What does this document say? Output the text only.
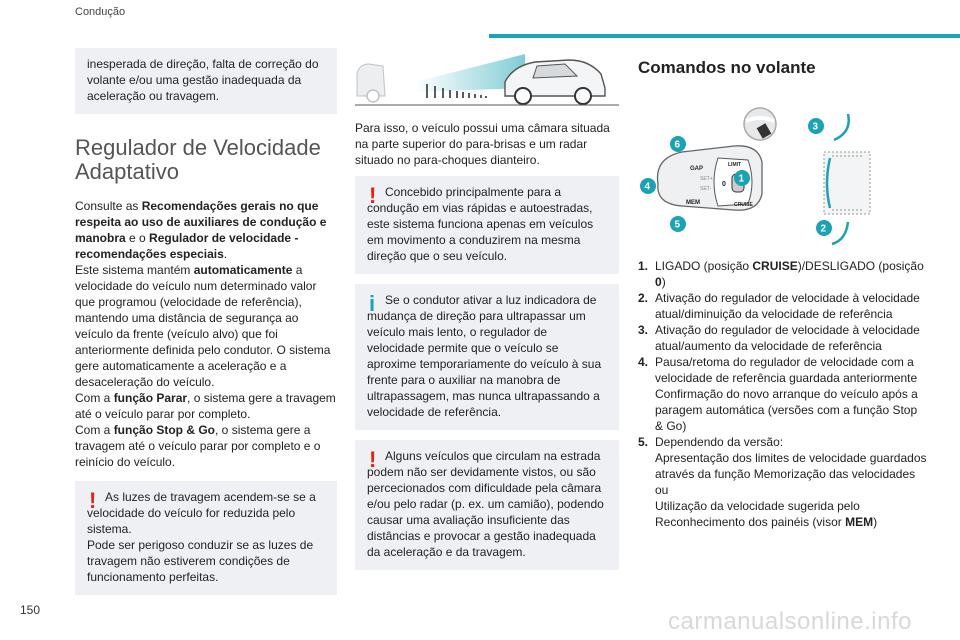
Condução
inesperada de direção, falta de correção do volante e/ou uma gestão inadequada da aceleração ou travagem.
Regulador de Velocidade Adaptativo
Consulte as Recomendações gerais no que respeita ao uso de auxiliares de condução e manobra e o Regulador de velocidade - recomendações especiais.
Este sistema mantém automaticamente a velocidade do veículo num determinado valor que programou (velocidade de referência), mantendo uma distância de segurança ao veículo da frente (veículo alvo) que foi anteriormente definida pelo condutor. O sistema gere automaticamente a aceleração e a desaceleração do veículo.
Com a função Parar, o sistema gere a travagem até o veículo parar por completo.
Com a função Stop & Go, o sistema gere a travagem até o veículo parar por completo e o reinício do veículo.
! As luzes de travagem acendem-se se a velocidade do veículo for reduzida pelo sistema.
Pode ser perigoso conduzir se as luzes de travagem não estiverem condições de funcionamento perfeitas.
Para isso, o veículo possui uma câmara situada na parte superior do para-brisas e um radar situado no para-choques dianteiro.
! Concebido principalmente para a condução em vias rápidas e autoestradas, este sistema funciona apenas em veículos em movimento a conduzirem na mesma direção que o seu veículo.
i Se o condutor ativar a luz indicadora de mudança de direção para ultrapassar um veículo mais lento, o regulador de velocidade permite que o veículo se aproxime temporariamente do veículo à sua frente para o auxiliar na manobra de ultrapassagem, mas nunca ultrapassando a velocidade de referência.
! Alguns veículos que circulam na estrada podem não ser devidamente vistos, ou são percecionados com dificuldade pela câmara e/ou pelo radar (p. ex. um camião), podendo causar uma avaliação insuficiente das distâncias e provocar a gestão inadequada da aceleração e da travagem.
Comandos no volante
GAP
MEM
SET+
SET-
LIMIT
0
CRUISE
6
4
5
1
3
2
1. LIGADO (posição CRUISE)/DESLIGADO (posição 0)
2. Ativação do regulador de velocidade à velocidade atual/diminuição da velocidade de referência
3. Ativação do regulador de velocidade à velocidade atual/aumento da velocidade de referência
4. Pausa/retoma do regulador de velocidade com a velocidade de referência guardada anteriormente
Confirmação do novo arranque do veículo após a paragem automática (versões com a função Stop & Go)
5. Dependendo da versão:
Apresentação dos limites de velocidade guardados através da função Memorização das velocidades
ou
Utilização da velocidade sugerida pelo Reconhecimento dos painéis (visor MEM)
150	carmanualsonline.info
